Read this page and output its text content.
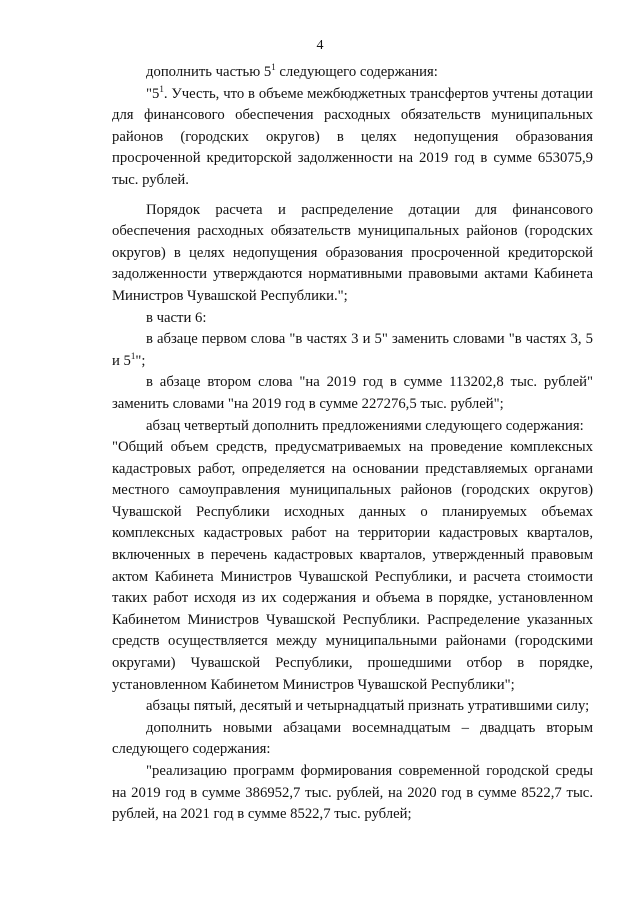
4

дополнить частью $5^1$ следующего содержания:

"$5^1$. Учесть, что в объеме межбюджетных трансфертов учтены дотации для финансового обеспечения расходных обязательств муниципальных районов (городских округов) в целях недопущения образования просроченной кредиторской задолженности на 2019 год в сумме 653075,9 тыс. рублей.

Порядок расчета и распределение дотации для финансового обеспечения расходных обязательств муниципальных районов (городских округов) в целях недопущения образования просроченной кредиторской задолженности утверждаются нормативными правовыми актами Кабинета Министров Чувашской Республики.";

в части 6:

в абзаце первом слова "в частях 3 и 5" заменить словами "в частях 3, 5 и $5^1$";

в абзаце втором слова "на 2019 год в сумме 113202,8 тыс. рублей" заменить словами "на 2019 год в сумме 227276,5 тыс. рублей";

абзац четвертый дополнить предложениями следующего содержания:

"Общий объем средств, предусматриваемых на проведение комплексных кадастровых работ, определяется на основании представляемых органами местного самоуправления муниципальных районов (городских округов) Чувашской Республики исходных данных о планируемых объемах комплексных кадастровых работ на территории кадастровых кварталов, включенных в перечень кадастровых кварталов, утвержденный правовым актом Кабинета Министров Чувашской Республики, и расчета стоимости таких работ исходя из их содержания и объема в порядке, установленном Кабинетом Министров Чувашской Республики. Распределение указанных средств осуществляется между муниципальными районами (городскими округами) Чувашской Республики, прошедшими отбор в порядке, установленном Кабинетом Министров Чувашской Республики";

абзацы пятый, десятый и четырнадцатый признать утратившими силу;

дополнить новыми абзацами восемнадцатым – двадцать вторым следующего содержания:

"реализацию программ формирования современной городской среды на 2019 год в сумме 386952,7 тыс. рублей, на 2020 год в сумме 8522,7 тыс. рублей, на 2021 год в сумме 8522,7 тыс. рублей;
